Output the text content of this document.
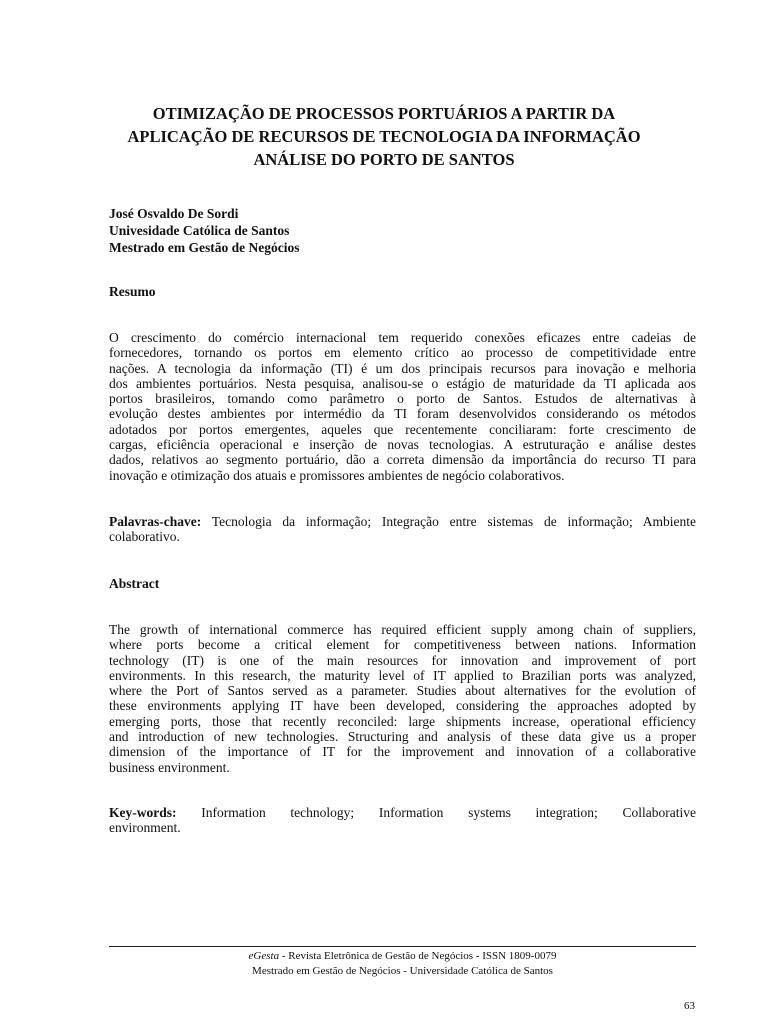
OTIMIZAÇÃO DE PROCESSOS PORTUÁRIOS A PARTIR DA
APLICAÇÃO DE RECURSOS DE TECNOLOGIA DA INFORMAÇÃO
ANÁLISE DO PORTO DE SANTOS
José Osvaldo De Sordi
Univesidade Católica de Santos
Mestrado em Gestão de Negócios
Resumo

O crescimento do comércio internacional tem requerido conexões eficazes entre cadeias de
fornecedores, tornando os portos em elemento crítico ao processo de competitividade entre
nações. A tecnologia da informação (TI) é um dos principais recursos para inovação e melhoria
dos ambientes portuários. Nesta pesquisa, analisou-se o estágio de maturidade da TI aplicada aos
portos brasileiros, tomando como parâmetro o porto de Santos. Estudos de alternativas à
evolução destes ambientes por intermédio da TI foram desenvolvidos considerando os métodos
adotados por portos emergentes, aqueles que recentemente conciliaram: forte crescimento de
cargas, eficiência operacional e inserção de novas tecnologias. A estruturação e análise destes
dados, relativos ao segmento portuário, dão a correta dimensão da importância do recurso TI para
inovação e otimização dos atuais e promissores ambientes de negócio colaborativos.

Palavras-chave: Tecnologia da informação; Integração entre sistemas de informação; Ambiente
colaborativo.

Abstract

The growth of international commerce has required efficient supply among chain of suppliers,
where ports become a critical element for competitiveness between nations. Information
technology (IT) is one of the main resources for innovation and improvement of port
environments. In this research, the maturity level of IT applied to Brazilian ports was analyzed,
where the Port of Santos served as a parameter. Studies about alternatives for the evolution of
these environments applying IT have been developed, considering the approaches adopted by
emerging ports, those that recently reconciled: large shipments increase, operational efficiency
and introduction of new technologies. Structuring and analysis of these data give us a proper
dimension of the importance of IT for the improvement and innovation of a collaborative
business environment.

Key-words: Information technology; Information systems integration; Collaborative
environment.

eGesta - Revista Eletrônica de Gestão de Negócios - ISSN 1809-0079
Mestrado em Gestão de Negócios - Universidade Católica de Santos
63
